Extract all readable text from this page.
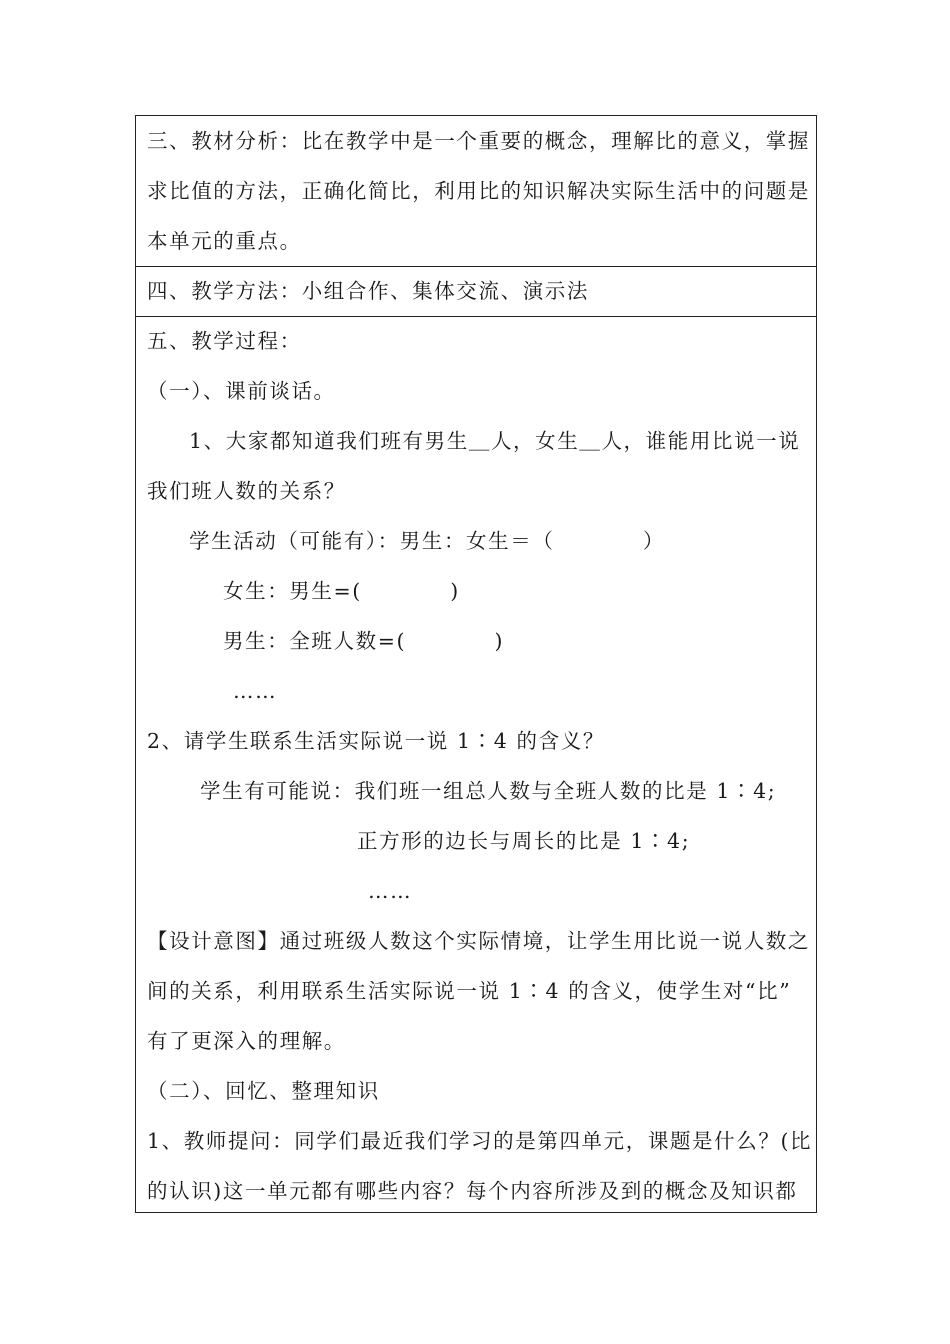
三、教材分析：比在教学中是一个重要的概念，理解比的意义，掌握
求比值的方法，正确化简比，利用比的知识解决实际生活中的问题是
本单元的重点。
四、教学方法：小组合作、集体交流、演示法
五、教学过程：
（一）、课前谈话。
1、大家都知道我们班有男生＿人，女生＿人，谁能用比说一说
我们班人数的关系？
学生活动（可能有）：男生：女生＝（　　　　）
女生：男生=(　　　　)
男生：全班人数=(　　　　)
……
2、请学生联系生活实际说一说 1∶4 的含义？
学生有可能说：我们班一组总人数与全班人数的比是 1∶4;
正方形的边长与周长的比是 1∶4;
……
【设计意图】通过班级人数这个实际情境，让学生用比说一说人数之
间的关系，利用联系生活实际说一说 1∶4 的含义，使学生对“比”
有了更深入的理解。
（二）、回忆、整理知识
1、教师提问：同学们最近我们学习的是第四单元，课题是什么？(比
的认识)这一单元都有哪些内容？每个内容所涉及到的概念及知识都
